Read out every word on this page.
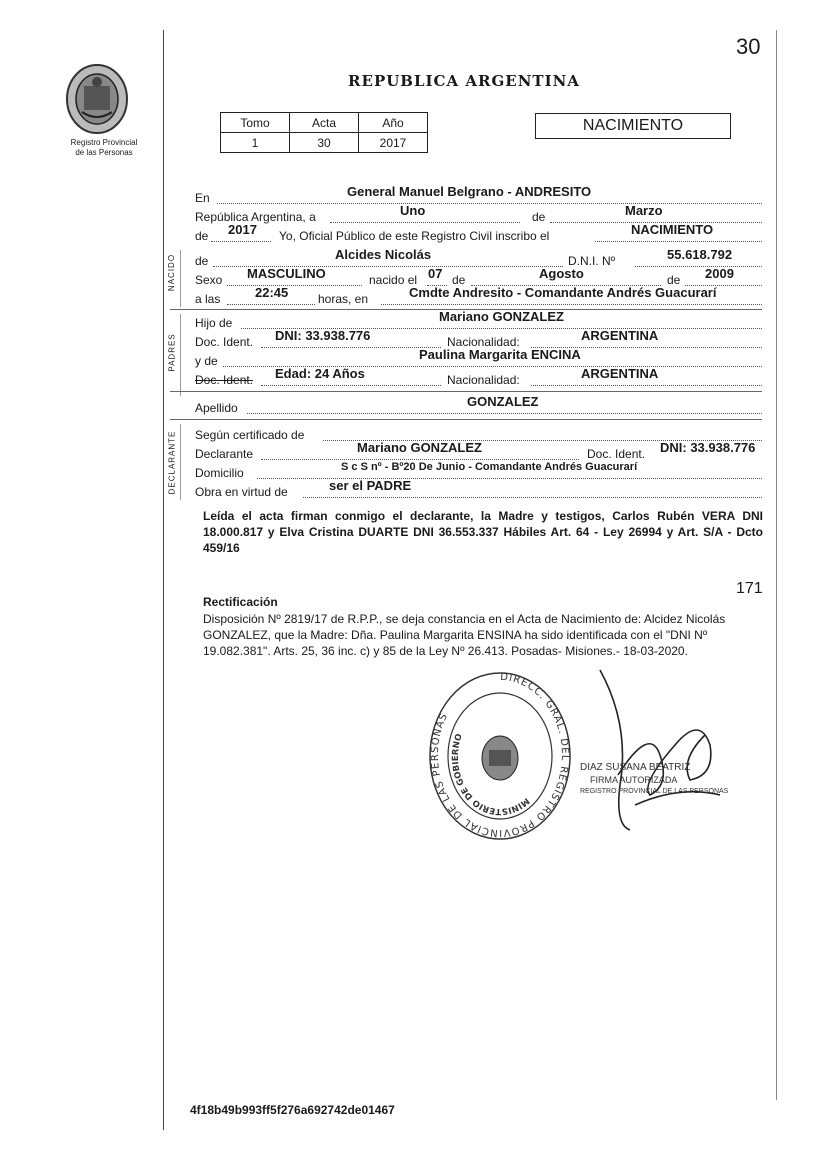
Registro Provincial
de las Personas
30
REPUBLICA ARGENTINA
Tomo	Acta	Año
1	30	2017
NACIMIENTO
En	General Manuel Belgrano - ANDRESITO
República Argentina, a	Uno	de	Marzo
de 2017 Yo, Oficial Público de este Registro Civil inscribo el	NACIMIENTO
NACIDO de	Alcides Nicolás	D.N.I. Nº	55.618.792
Sexo MASCULINO	nacido el 07 de	Agosto	de 2009
a las	22:45 horas, en	Cmdte Andresito - Comandante Andrés Guacurarí
PADRES
Hijo de	Mariano GONZALEZ
Doc. Ident. DNI: 33.938.776	Nacionalidad:	ARGENTINA
y de	Paulina Margarita ENCINA
Doc. Ident. Edad: 24 Años	Nacionalidad:	ARGENTINA
Apellido	GONZALEZ
DECLARANTE Según certificado de
Declarante	Mariano GONZALEZ	Doc. Ident. DNI: 33.938.776
Domicilio	S c S nº - Bº20 De Junio - Comandante Andrés Guacurarí
Obra en virtud de	ser el PADRE
Leída el acta firman conmigo el declarante, la Madre y testigos, Carlos Rubén VERA DNI 18.000.817 y Elva Cristina DUARTE DNI 36.553.337 Hábiles Art. 64 - Ley 26994 y Art. S/A - Dcto 459/16
171
Rectificación
Disposición Nº 2819/17 de R.P.P., se deja constancia en el Acta de Nacimiento de: Alcidez Nicolás GONZALEZ, que la Madre: Dña. Paulina Margarita ENSINA ha sido identificada con el "DNI Nº 19.082.381". Arts. 25, 36 inc. c) y 85 de la Ley Nº 26.413. Posadas- Misiones.- 18-03-2020.
DIRECC. GRAL. DEL REGISTRO PROVINCIAL DE LAS PERSONAS
MINISTERIO DE GOBIERNO
DIAZ SUSANA BEATRIZ
FIRMA AUTORIZADA
REGISTRO PROVINCIAL DE LAS PERSONAS
4f18b49b993ff5f276a692742de01467
